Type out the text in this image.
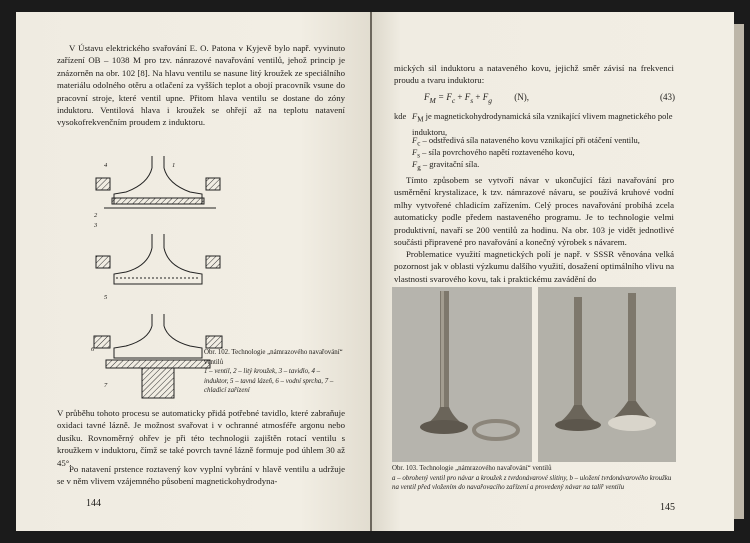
V Ústavu elektrického svařování E. O. Patona v Kyjevě bylo např. vyvinuto zařízení OB – 1038 M pro tzv. nánrazové navařování ventilů, jehož princip je znázorněn na obr. 102 [8]. Na hlavu ventilu se nasune litý kroužek ze speciálního materiálu odolného otěru a otlačení za vyšších teplot a obojí pracovník vsune do pracovní stroje, které ventil upne. Přitom hlava ventilu se dostane do zóny induktoru. Ventilová hlava i kroužek se ohřejí až na teplotu natavení vysokofrekvenčním proudem z induktoru.
4	1
2
3
5
6
7
Obr. 102. Technologie „námrazového navařování“ ventilů
1 – ventil, 2 – litý kroužek, 3 – tavidlo, 4 – induktor, 5 – tavná lázeň, 6 – vodní sprcha, 7 – chladicí zařízení
V průběhu tohoto procesu se automaticky přidá potřebné tavidlo, které zabraňuje oxidaci tavné lázně. Je možnost svařovat i v ochranné atmosféře argonu nebo dusíku. Rovnoměrný ohřev je při této technologii zajištěn rotací ventilu s kroužkem v induktoru, čímž se také povrch tavné lázně formuje pod úhlem 30 až 45°.
Po natavení prstence roztavený kov vyplní vybrání v hlavě ventilu a udržuje se v něm vlivem vzájemného působení magnetickohydrodyna-
144
mických sil induktoru a nataveného kovu, jejichž směr závisí na frekvenci proudu a tvaru induktoru:
$F_M = F_c + F_s + F_g$ (N),	(43)
kde $F_M$ je magnetickohydrodynamická síla vznikající vlivem magnetického pole induktoru,
$F_c$ – odstředivá síla nataveného kovu vznikající při otáčení ventilu,
$F_s$ – síla povrchového napětí roztaveného kovu,
$F_g$ – gravitační síla.
Tímto způsobem se vytvoří návar v ukončující fázi navařování pro usměrnění krystalizace, k tzv. námrazové návaru, se používá kruhové vodní mlhy vytvořené chladicím zařízením. Celý proces navařování probíhá zcela automaticky podle předem nastaveného programu. Je to technologie velmi produktivní, navaří se 200 ventilů za hodinu. Na obr. 103 je vidět jednotlivé součásti připravené pro navařování a konečný výrobek s návarem.
Problematice využití magnetických polí je např. v SSSR věnována velká pozornost jak v oblasti výzkumu dalšího využití, dosažení optimálního vlivu na vlastnosti svarového kovu, tak i praktickému zavádění do
Obr. 103. Technologie „námrazového navařování“ ventilů
a – obrobený ventil pro návar a kroužek z tvrdonávarové slitiny, b – uložení tvrdonávarového kroužku na ventil před vložením do navařovacího zařízení a provedený návar na talíř ventilu
145
